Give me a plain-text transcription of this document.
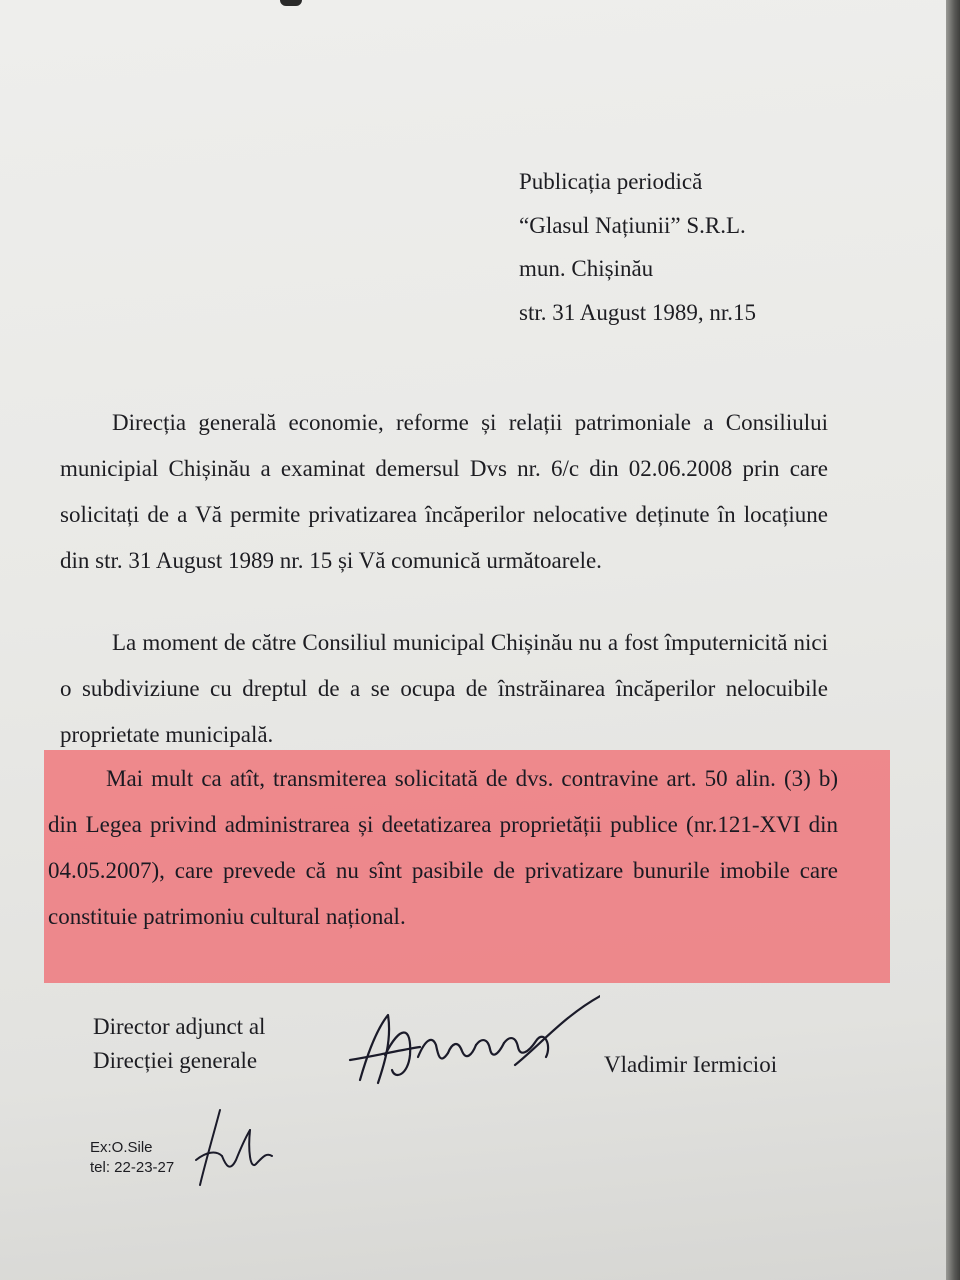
Publicația periodică
“Glasul Națiunii” S.R.L.
mun. Chișinău
str. 31 August 1989, nr.15

Direcția generală economie, reforme și relații patrimoniale a Consiliului municipial Chișinău a examinat demersul Dvs nr. 6/c din 02.06.2008 prin care solicitați de a Vă permite privatizarea încăperilor nelocative deținute în locațiune din str. 31 August 1989 nr. 15 și Vă comunică următoarele.

La moment de către Consiliul municipal Chișinău nu a fost împuternicită nici o subdiviziune cu dreptul de a se ocupa de înstrăinarea încăperilor nelocuibile proprietate municipală.

Mai mult ca atît, transmiterea solicitată de dvs. contravine art. 50 alin. (3) b) din Legea privind administrarea și deetatizarea proprietății publice (nr.121-XVI din 04.05.2007), care prevede că nu sînt pasibile de privatizare bunurile imobile care constituie patrimoniu cultural național.

Director adjunct al
Direcției generale	Vladimir Iermicioi
Ex:O.Sile
tel: 22-23-27
